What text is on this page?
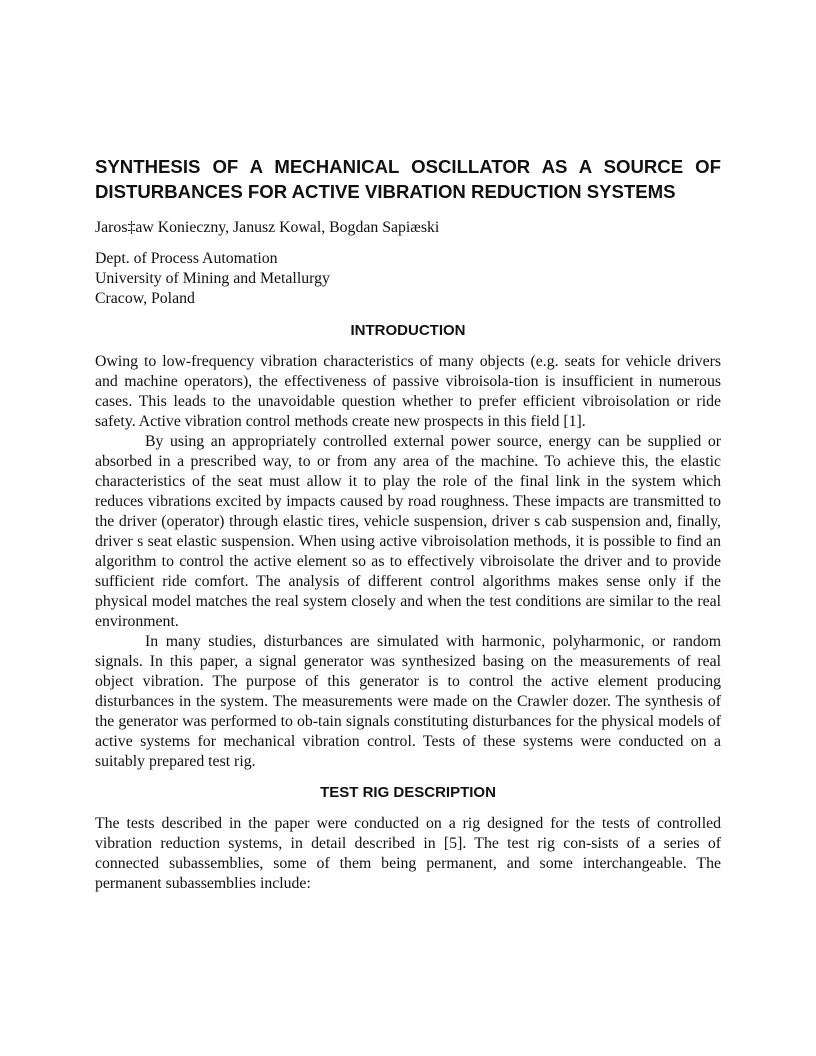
SYNTHESIS OF A MECHANICAL OSCILLATOR AS A SOURCE OF
DISTURBANCES FOR ACTIVE VIBRATION REDUCTION SYSTEMS

Jaros‡aw Konieczny, Janusz Kowal, Bogdan Sapiæski

Dept. of Process Automation
University of Mining and Metallurgy
Cracow, Poland

INTRODUCTION

Owing to low-frequency vibration characteristics of many objects (e.g. seats for vehicle drivers and machine operators), the effectiveness of passive vibroisola-tion is insufficient in numerous cases. This leads to the unavoidable question whether to prefer efficient vibroisolation or ride safety. Active vibration control methods create new prospects in this field [1].

By using an appropriately controlled external power source, energy can be supplied or absorbed in a prescribed way, to or from any area of the machine. To achieve this, the elastic characteristics of the seat must allow it to play the role of the final link in the system which reduces vibrations excited by impacts caused by road roughness. These impacts are transmitted to the driver (operator) through elastic tires, vehicle suspension, driver s cab suspension and, finally, driver s seat elastic suspension. When using active vibroisolation methods, it is possible to find an algorithm to control the active element so as to effectively vibroisolate the driver and to provide sufficient ride comfort. The analysis of different control algorithms makes sense only if the physical model matches the real system closely and when the test conditions are similar to the real environment.

In many studies, disturbances are simulated with harmonic, polyharmonic, or random signals. In this paper, a signal generator was synthesized basing on the measurements of real object vibration. The purpose of this generator is to control the active element producing disturbances in the system. The measurements were made on the Crawler dozer. The synthesis of the generator was performed to ob-tain signals constituting disturbances for the physical models of active systems for mechanical vibration control. Tests of these systems were conducted on a suitably prepared test rig.

TEST RIG DESCRIPTION

The tests described in the paper were conducted on a rig designed for the tests of controlled vibration reduction systems, in detail described in [5]. The test rig con-sists of a series of connected subassemblies, some of them being permanent, and some interchangeable. The permanent subassemblies include:
